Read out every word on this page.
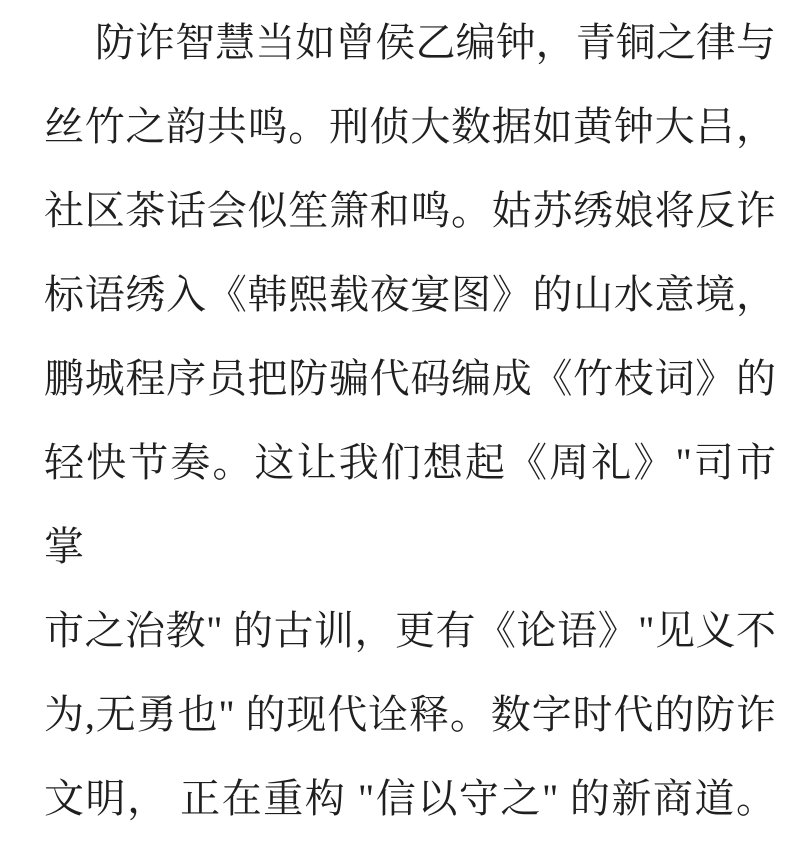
防诈智慧当如曾侯乙编钟，青铜之律与
丝竹之韵共鸣。刑侦大数据如黄钟大吕，
社区茶话会似笙箫和鸣。姑苏绣娘将反诈
标语绣入《韩熙载夜宴图》的山水意境，
鹏城程序员把防骗代码编成《竹枝词》的
轻快节奏。这让我们想起《周礼》"司市掌
市之治教" 的古训，更有《论语》"见义不
为,无勇也" 的现代诠释。数字时代的防诈
文明， 正在重构 "信以守之" 的新商道。
